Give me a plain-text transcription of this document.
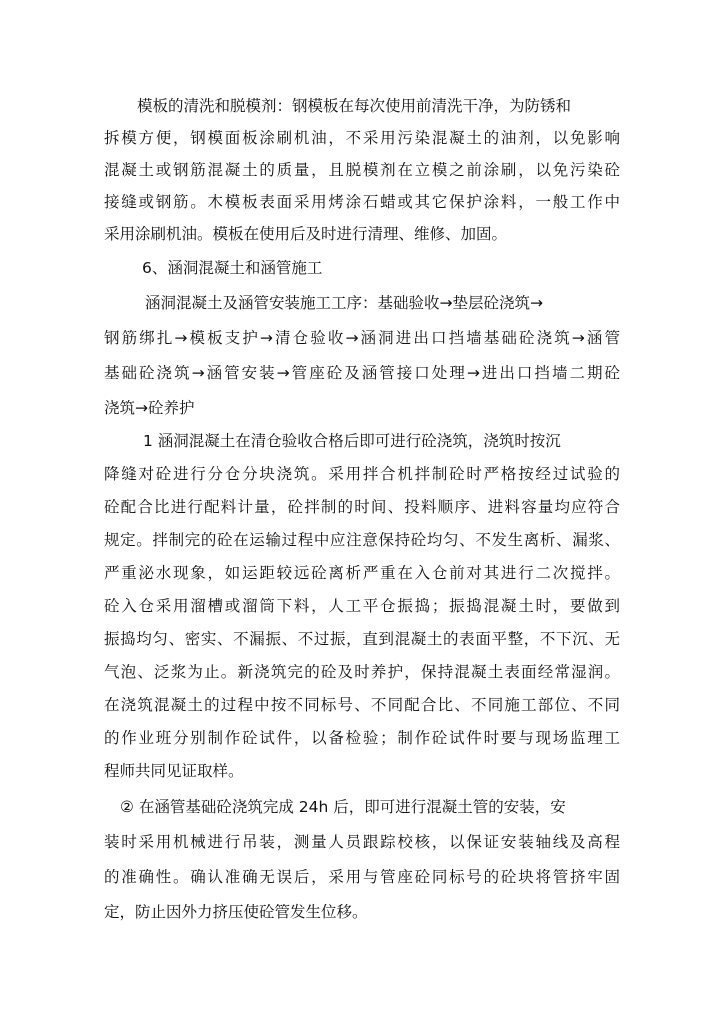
模板的清洗和脱模剂：钢模板在每次使用前清洗干净，为防锈和
拆模方便，钢模面板涂刷机油，不采用污染混凝土的油剂，以免影响
混凝土或钢筋混凝土的质量，且脱模剂在立模之前涂刷，以免污染砼
接缝或钢筋。木模板表面采用烤涂石蜡或其它保护涂料，一般工作中
采用涂刷机油。模板在使用后及时进行清理、维修、加固。
6、涵洞混凝土和涵管施工
涵洞混凝土及涵管安装施工工序：基础验收→垫层砼浇筑→
钢筋绑扎→模板支护→清仓验收→涵洞进出口挡墙基础砼浇筑→涵管
基础砼浇筑→涵管安装→管座砼及涵管接口处理→进出口挡墙二期砼
浇筑→砼养护
1 涵洞混凝土在清仓验收合格后即可进行砼浇筑，浇筑时按沉
降缝对砼进行分仓分块浇筑。采用拌合机拌制砼时严格按经过试验的
砼配合比进行配料计量，砼拌制的时间、投料顺序、进料容量均应符合
规定。拌制完的砼在运输过程中应注意保持砼均匀、不发生离析、漏浆、
严重泌水现象，如运距较远砼离析严重在入仓前对其进行二次搅拌。
砼入仓采用溜槽或溜筒下料，人工平仓振捣；振捣混凝土时，要做到
振捣均匀、密实、不漏振、不过振，直到混凝土的表面平整，不下沉、无
气泡、泛浆为止。新浇筑完的砼及时养护，保持混凝土表面经常湿润。
在浇筑混凝土的过程中按不同标号、不同配合比、不同施工部位、不同
的作业班分别制作砼试件，以备检验；制作砼试件时要与现场监理工
程师共同见证取样。
② 在涵管基础砼浇筑完成 24h 后，即可进行混凝土管的安装，安
装时采用机械进行吊装，测量人员跟踪校核，以保证安装轴线及高程
的准确性。确认准确无误后，采用与管座砼同标号的砼块将管挤牢固
定，防止因外力挤压使砼管发生位移。
